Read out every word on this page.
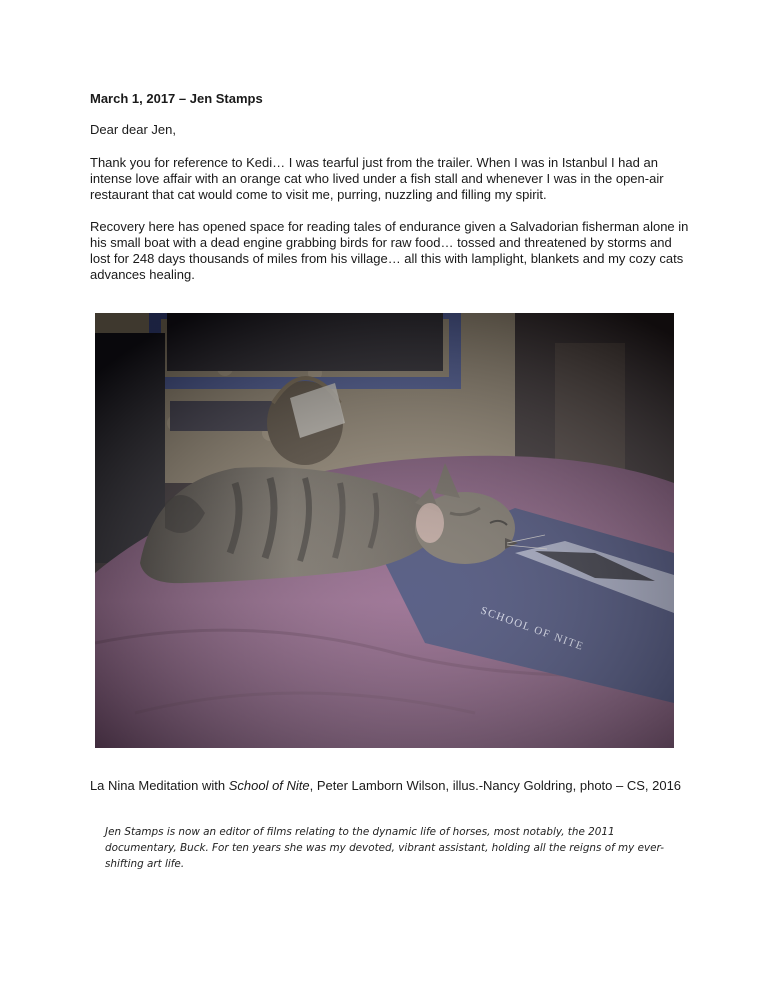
March 1, 2017 – Jen Stamps

Dear dear Jen,

Thank you for reference to Kedi… I was tearful just from the trailer. When I was in Istanbul I had an intense love affair with an orange cat who lived under a fish stall and whenever I was in the open-air restaurant that cat would come to visit me, purring, nuzzling and filling my spirit.

Recovery here has opened space for reading tales of endurance given a Salvadorian fisherman alone in his small boat with a dead engine grabbing birds for raw food… tossed and threatened by storms and lost for 248 days thousands of miles from his village… all this with lamplight, blankets and my cozy cats advances healing.

La Nina Meditation with School of Nite, Peter Lamborn Wilson, illus.-Nancy Goldring, photo – CS, 2016
Jen Stamps is now an editor of films relating to the dynamic life of horses, most notably, the 2011 documentary, Buck. For ten years she was my devoted, vibrant assistant, holding all the reigns of my ever-shifting art life.
